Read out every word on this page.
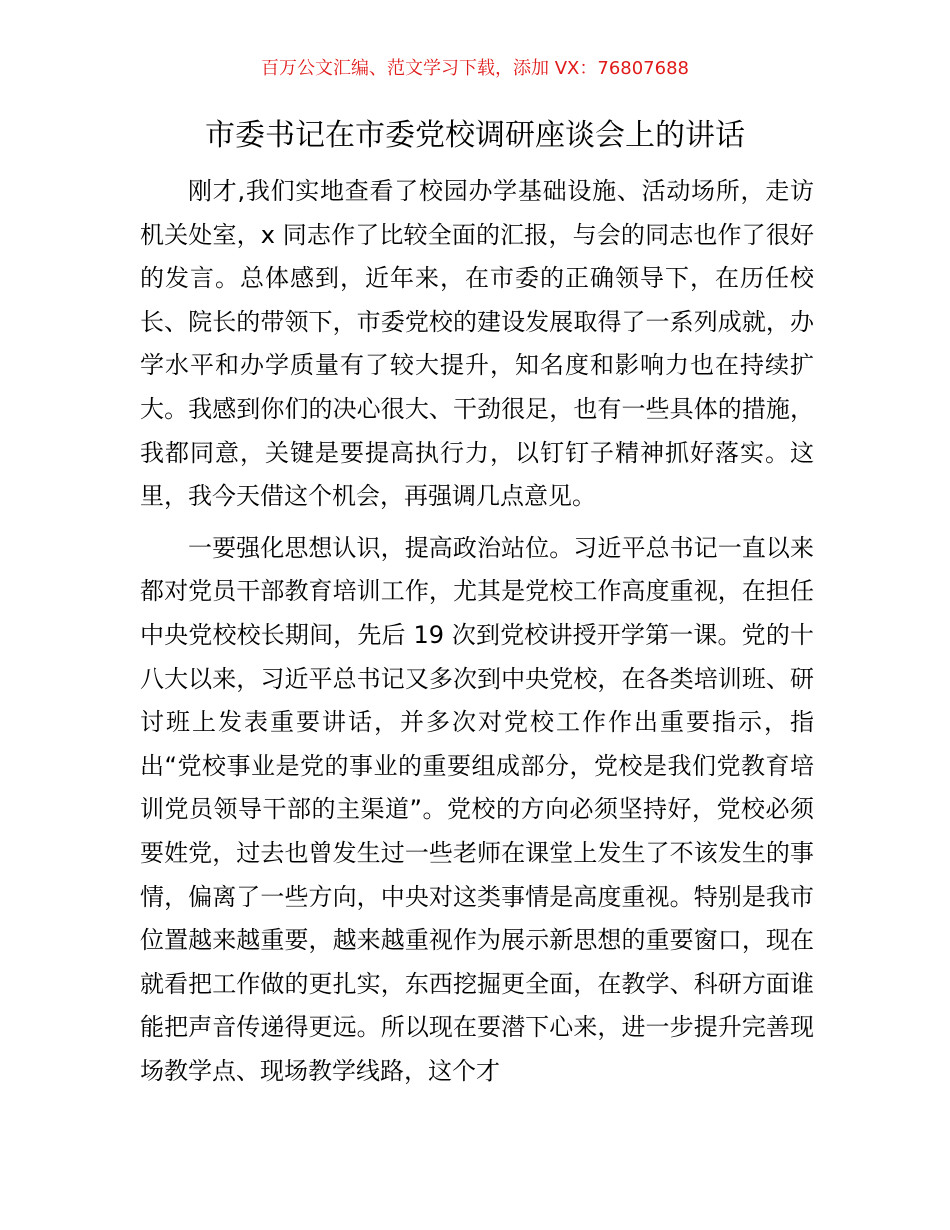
百万公文汇编、范文学习下载，添加 VX：76807688

市委书记在市委党校调研座谈会上的讲话

刚才,我们实地查看了校园办学基础设施、活动场所，走访机关处室，x 同志作了比较全面的汇报，与会的同志也作了很好的发言。总体感到，近年来，在市委的正确领导下，在历任校长、院长的带领下，市委党校的建设发展取得了一系列成就，办学水平和办学质量有了较大提升，知名度和影响力也在持续扩大。我感到你们的决心很大、干劲很足，也有一些具体的措施，我都同意，关键是要提高执行力，以钉钉子精神抓好落实。这里，我今天借这个机会，再强调几点意见。

一要强化思想认识，提高政治站位。习近平总书记一直以来都对党员干部教育培训工作，尤其是党校工作高度重视，在担任中央党校校长期间，先后 19 次到党校讲授开学第一课。党的十八大以来，习近平总书记又多次到中央党校，在各类培训班、研讨班上发表重要讲话，并多次对党校工作作出重要指示，指出“党校事业是党的事业的重要组成部分，党校是我们党教育培训党员领导干部的主渠道”。党校的方向必须坚持好，党校必须要姓党，过去也曾发生过一些老师在课堂上发生了不该发生的事情，偏离了一些方向，中央对这类事情是高度重视。特别是我市位置越来越重要，越来越重视作为展示新思想的重要窗口，现在就看把工作做的更扎实，东西挖掘更全面，在教学、科研方面谁能把声音传递得更远。所以现在要潜下心来，进一步提升完善现场教学点、现场教学线路，这个才
